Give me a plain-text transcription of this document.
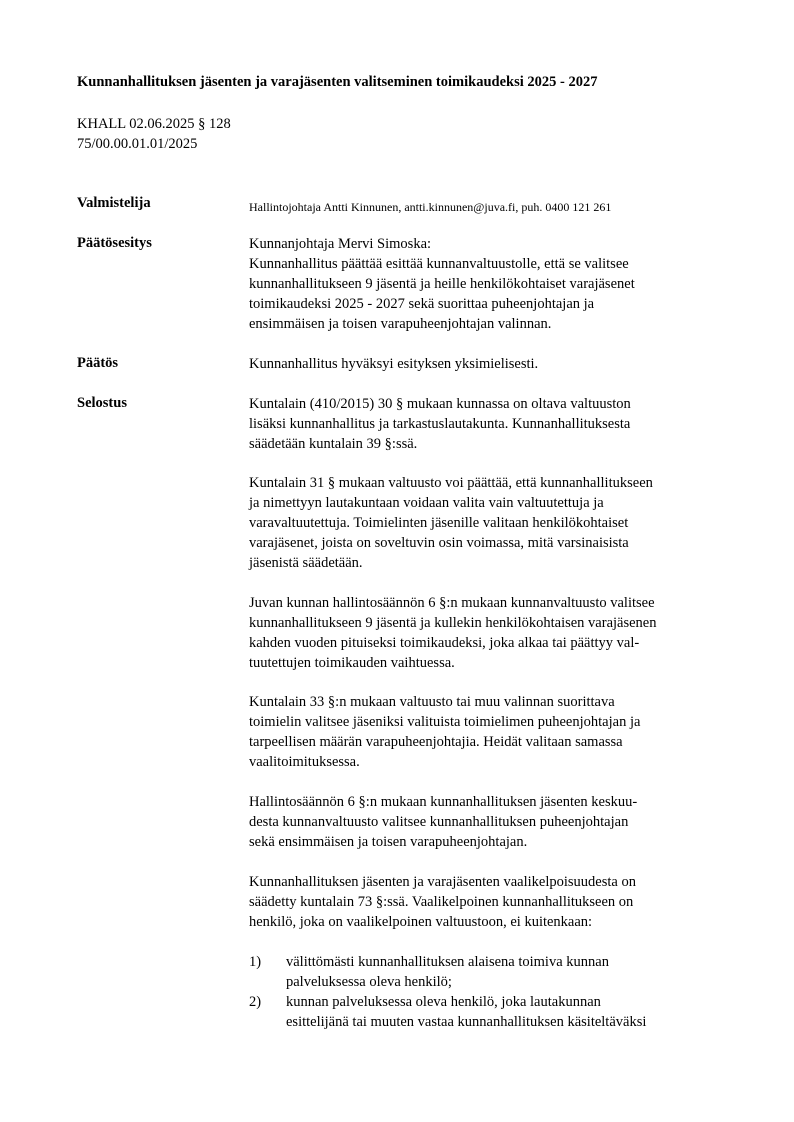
Kunnanhallituksen jäsenten ja varajäsenten valitseminen toimikaudeksi 2025 - 2027
KHALL 02.06.2025 § 128
75/00.00.01.01/2025
Valmistelija	Hallintojohtaja Antti Kinnunen, antti.kinnunen@juva.fi, puh. 0400 121 261
Päätösesitys	Kunnanjohtaja Mervi Simoska:
Kunnanhallitus päättää esittää kunnanvaltuustolle, että se valitsee
kunnanhallitukseen 9 jäsentä ja heille henkilökohtaiset varajäsenet
toimikaudeksi 2025 - 2027 sekä suorittaa puheenjohtajan ja
ensimmäisen ja toisen varapuheenjohtajan valinnan.
Päätös	Kunnanhallitus hyväksyi esityksen yksimielisesti.
Selostus	Kuntalain (410/2015) 30 § mukaan kunnassa on oltava valtuuston
lisäksi kunnanhallitus ja tarkastuslautakunta. Kunnanhallituksesta
säädetään kuntalain 39 §:ssä.
Kuntalain 31 § mukaan valtuusto voi päättää, että kunnanhallitukseen
ja nimettyyn lautakuntaan voidaan valita vain valtuutettuja ja
varavaltuutettuja. Toimielinten jäsenille valitaan henkilökohtaiset
varajäsenet, joista on soveltuvin osin voimassa, mitä varsinaisista
jäsenistä säädetään.
Juvan kunnan hallintosäännön 6 §:n mukaan kunnanvaltuusto valitsee
kunnanhallitukseen 9 jäsentä ja kullekin henkilökohtaisen varajäsenen
kahden vuoden pituiseksi toimikaudeksi, joka alkaa tai päättyy val-
tuutettujen toimikauden vaihtuessa.
Kuntalain 33 §:n mukaan valtuusto tai muu valinnan suorittava
toimielin valitsee jäseniksi valituista toimielimen puheenjohtajan ja
tarpeellisen määrän varapuheenjohtajia. Heidät valitaan samassa
vaalitoimituksessa.
Hallintosäännön 6 §:n mukaan kunnanhallituksen jäsenten keskuu-
desta kunnanvaltuusto valitsee kunnanhallituksen puheenjohtajan
sekä ensimmäisen ja toisen varapuheenjohtajan.
Kunnanhallituksen jäsenten ja varajäsenten vaalikelpoisuudesta on
säädetty kuntalain 73 §:ssä. Vaalikelpoinen kunnanhallitukseen on
henkilö, joka on vaalikelpoinen valtuustoon, ei kuitenkaan:
1) välittömästi kunnanhallituksen alaisena toimiva kunnan
palveluksessa oleva henkilö;
2) kunnan palveluksessa oleva henkilö, joka lautakunnan
esittelijänä tai muuten vastaa kunnanhallituksen käsiteltäväksi
